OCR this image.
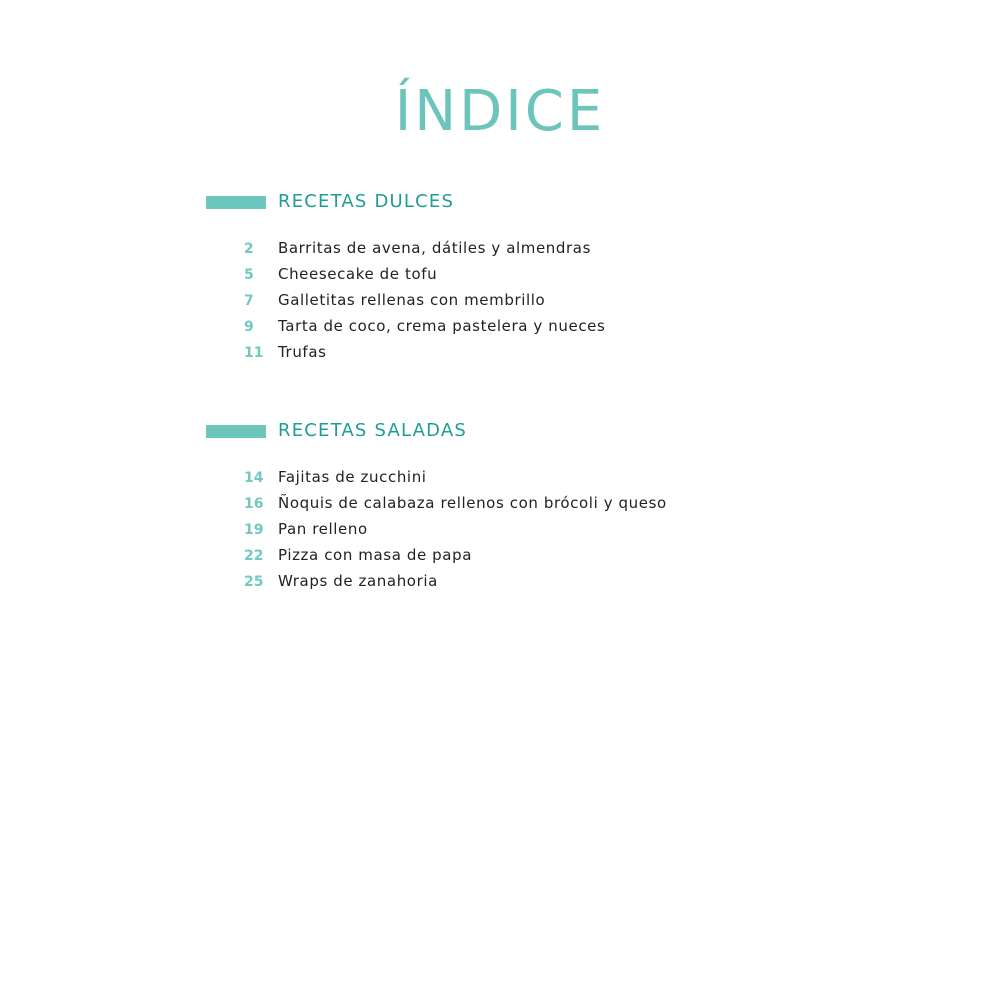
ÍNDICE
RECETAS DULCES
2 Barritas de avena, dátiles y almendras
5 Cheesecake de tofu
7 Galletitas rellenas con membrillo
9 Tarta de coco, crema pastelera y nueces
11 Trufas
RECETAS SALADAS
14 Fajitas de zucchini
16 Ñoquis de calabaza rellenos con brócoli y queso
19 Pan relleno
22 Pizza con masa de papa
25 Wraps de zanahoria
